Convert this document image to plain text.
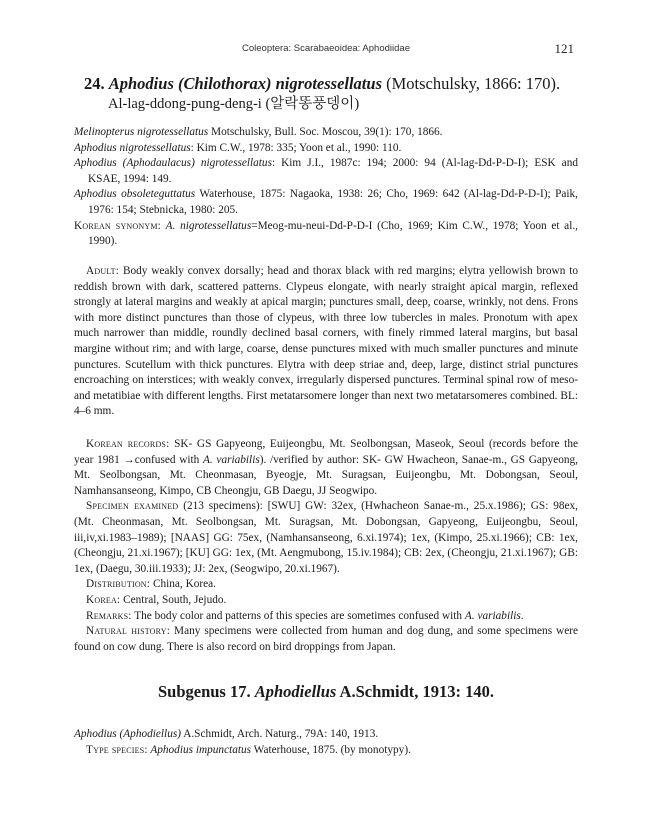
Coleoptera: Scarabaeoidea: Aphodiidae	121
24. Aphodius (Chilothorax) nigrotessellatus (Motschulsky, 1866: 170).
Al-lag-ddong-pung-deng-i (알락똥풍뎅이)

Melinopterus nigrotessellatus Motschulsky, Bull. Soc. Moscou, 39(1): 170, 1866.

Aphodius nigrotessellatus: Kim C.W., 1978: 335; Yoon et al., 1990: 110.

Aphodius (Aphodaulacus) nigrotessellatus: Kim J.I., 1987c: 194; 2000: 94 (Al-lag-Dd-P-D-I); ESK and KSAE, 1994: 149.

Aphodius obsoleteguttatus Waterhouse, 1875: Nagaoka, 1938: 26; Cho, 1969: 642 (Al-lag-Dd-P-D-I); Paik, 1976: 154; Stebnicka, 1980: 205.

Korean synonym: A. nigrotessellatus=Meog-mu-neui-Dd-P-D-I (Cho, 1969; Kim C.W., 1978; Yoon et al., 1990).

Adult: Body weakly convex dorsally; head and thorax black with red margins; elytra yellowish brown to reddish brown with dark, scattered patterns. Clypeus elongate, with nearly straight apical margin, reflexed strongly at lateral margins and weakly at apical margin; punctures small, deep, coarse, wrinkly, not dens. Frons with more distinct punctures than those of clypeus, with three low tubercles in males. Pronotum with apex much narrower than middle, roundly declined basal corners, with finely rimmed lateral margins, but basal margine without rim; and with large, coarse, dense punctures mixed with much smaller punctures and minute punctures. Scutellum with thick punctures. Elytra with deep striae and, deep, large, distinct strial punctures encroaching on interstices; with weakly convex, irregularly dispersed punctures. Terminal spinal row of meso- and metatibiae with different lengths. First metatarsomere longer than next two metatarsomeres combined. BL: 4–6 mm.

Korean records: SK- GS Gapyeong, Euijeongbu, Mt. Seolbongsan, Maseok, Seoul (records before the year 1981 →confused with A. variabilis). /verified by author: SK- GW Hwacheon, Sanae-m., GS Gapyeong, Mt. Seolbongsan, Mt. Cheonmasan, Byeogje, Mt. Suragsan, Euijeongbu, Mt. Dobongsan, Seoul, Namhansanseong, Kimpo, CB Cheongju, GB Daegu, JJ Seogwipo.

Specimen examined (213 specimens): [SWU] GW: 32ex, (Hwhacheon Sanae-m., 25.x.1986); GS: 98ex, (Mt. Cheonmasan, Mt. Seolbongsan, Mt. Suragsan, Mt. Dobongsan, Gapyeong, Euijeongbu, Seoul, iii,iv,xi.1983–1989); [NAAS] GG: 75ex, (Namhansanseong, 6.xi.1974); 1ex, (Kimpo, 25.xi.1966); CB: 1ex, (Cheongju, 21.xi.1967); [KU] GG: 1ex, (Mt. Aengmubong, 15.iv.1984); CB: 2ex, (Cheongju, 21.xi.1967); GB: 1ex, (Daegu, 30.iii.1933); JJ: 2ex, (Seogwipo, 20.xi.1967).

Distribution: China, Korea.

Korea: Central, South, Jejudo.

Remarks: The body color and patterns of this species are sometimes confused with A. variabilis.

Natural history: Many specimens were collected from human and dog dung, and some specimens were found on cow dung. There is also record on bird droppings from Japan.

Subgenus 17. Aphodiellus A.Schmidt, 1913: 140.

Aphodius (Aphodiellus) A.Schmidt, Arch. Naturg., 79A: 140, 1913.

Type species: Aphodius impunctatus Waterhouse, 1875. (by monotypy).
